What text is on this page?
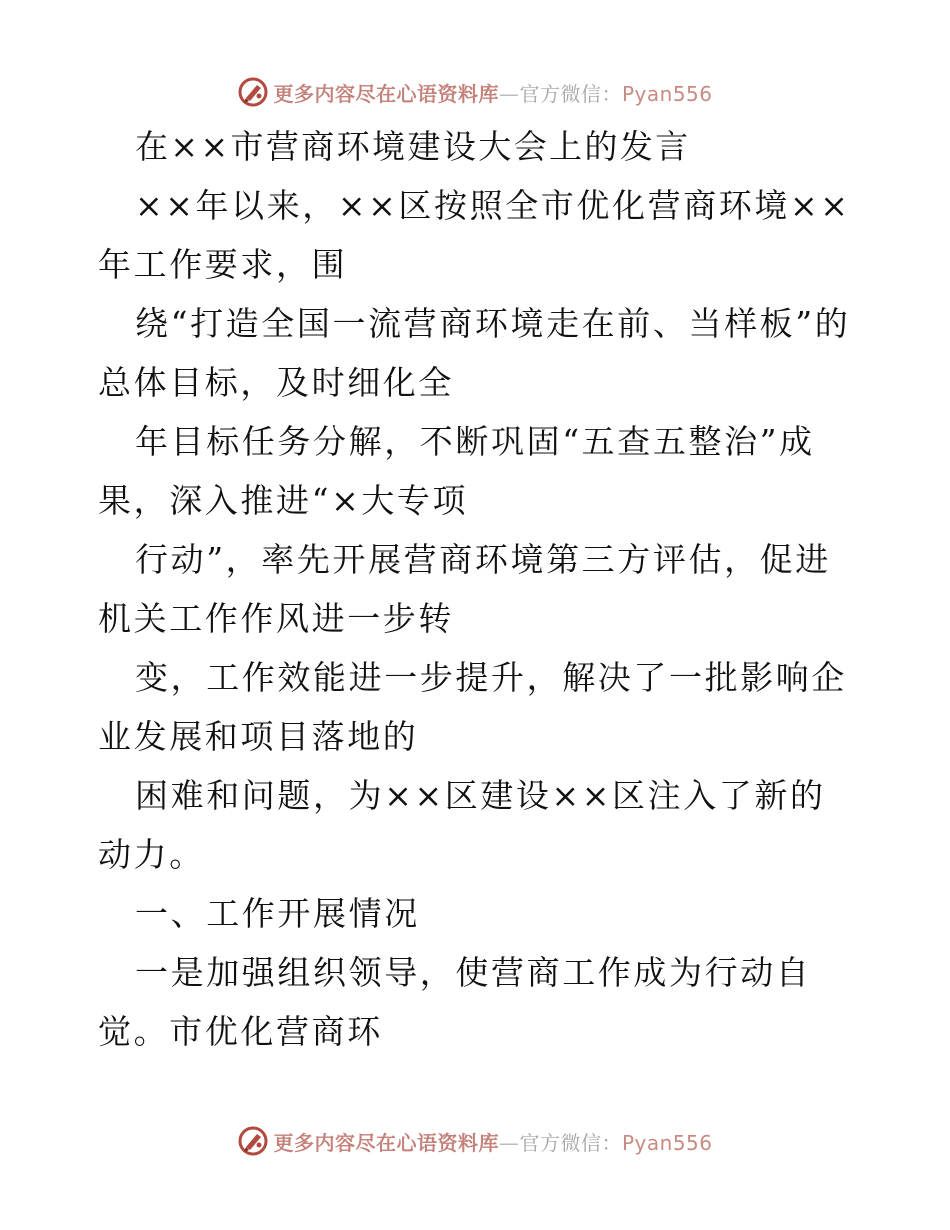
更多内容尽在心语资料库—官方微信：Pyan556

在××市营商环境建设大会上的发言

××年以来，××区按照全市优化营商环境××年工作要求，围

绕“打造全国一流营商环境走在前、当样板”的总体目标，及时细化全

年目标任务分解，不断巩固“五查五整治”成果，深入推进“×大专项

行动”，率先开展营商环境第三方评估，促进机关工作作风进一步转

变，工作效能进一步提升，解决了一批影响企业发展和项目落地的

困难和问题，为××区建设××区注入了新的动力。

一、工作开展情况

一是加强组织领导，使营商工作成为行动自觉。市优化营商环

更多内容尽在心语资料库—官方微信：Pyan556
